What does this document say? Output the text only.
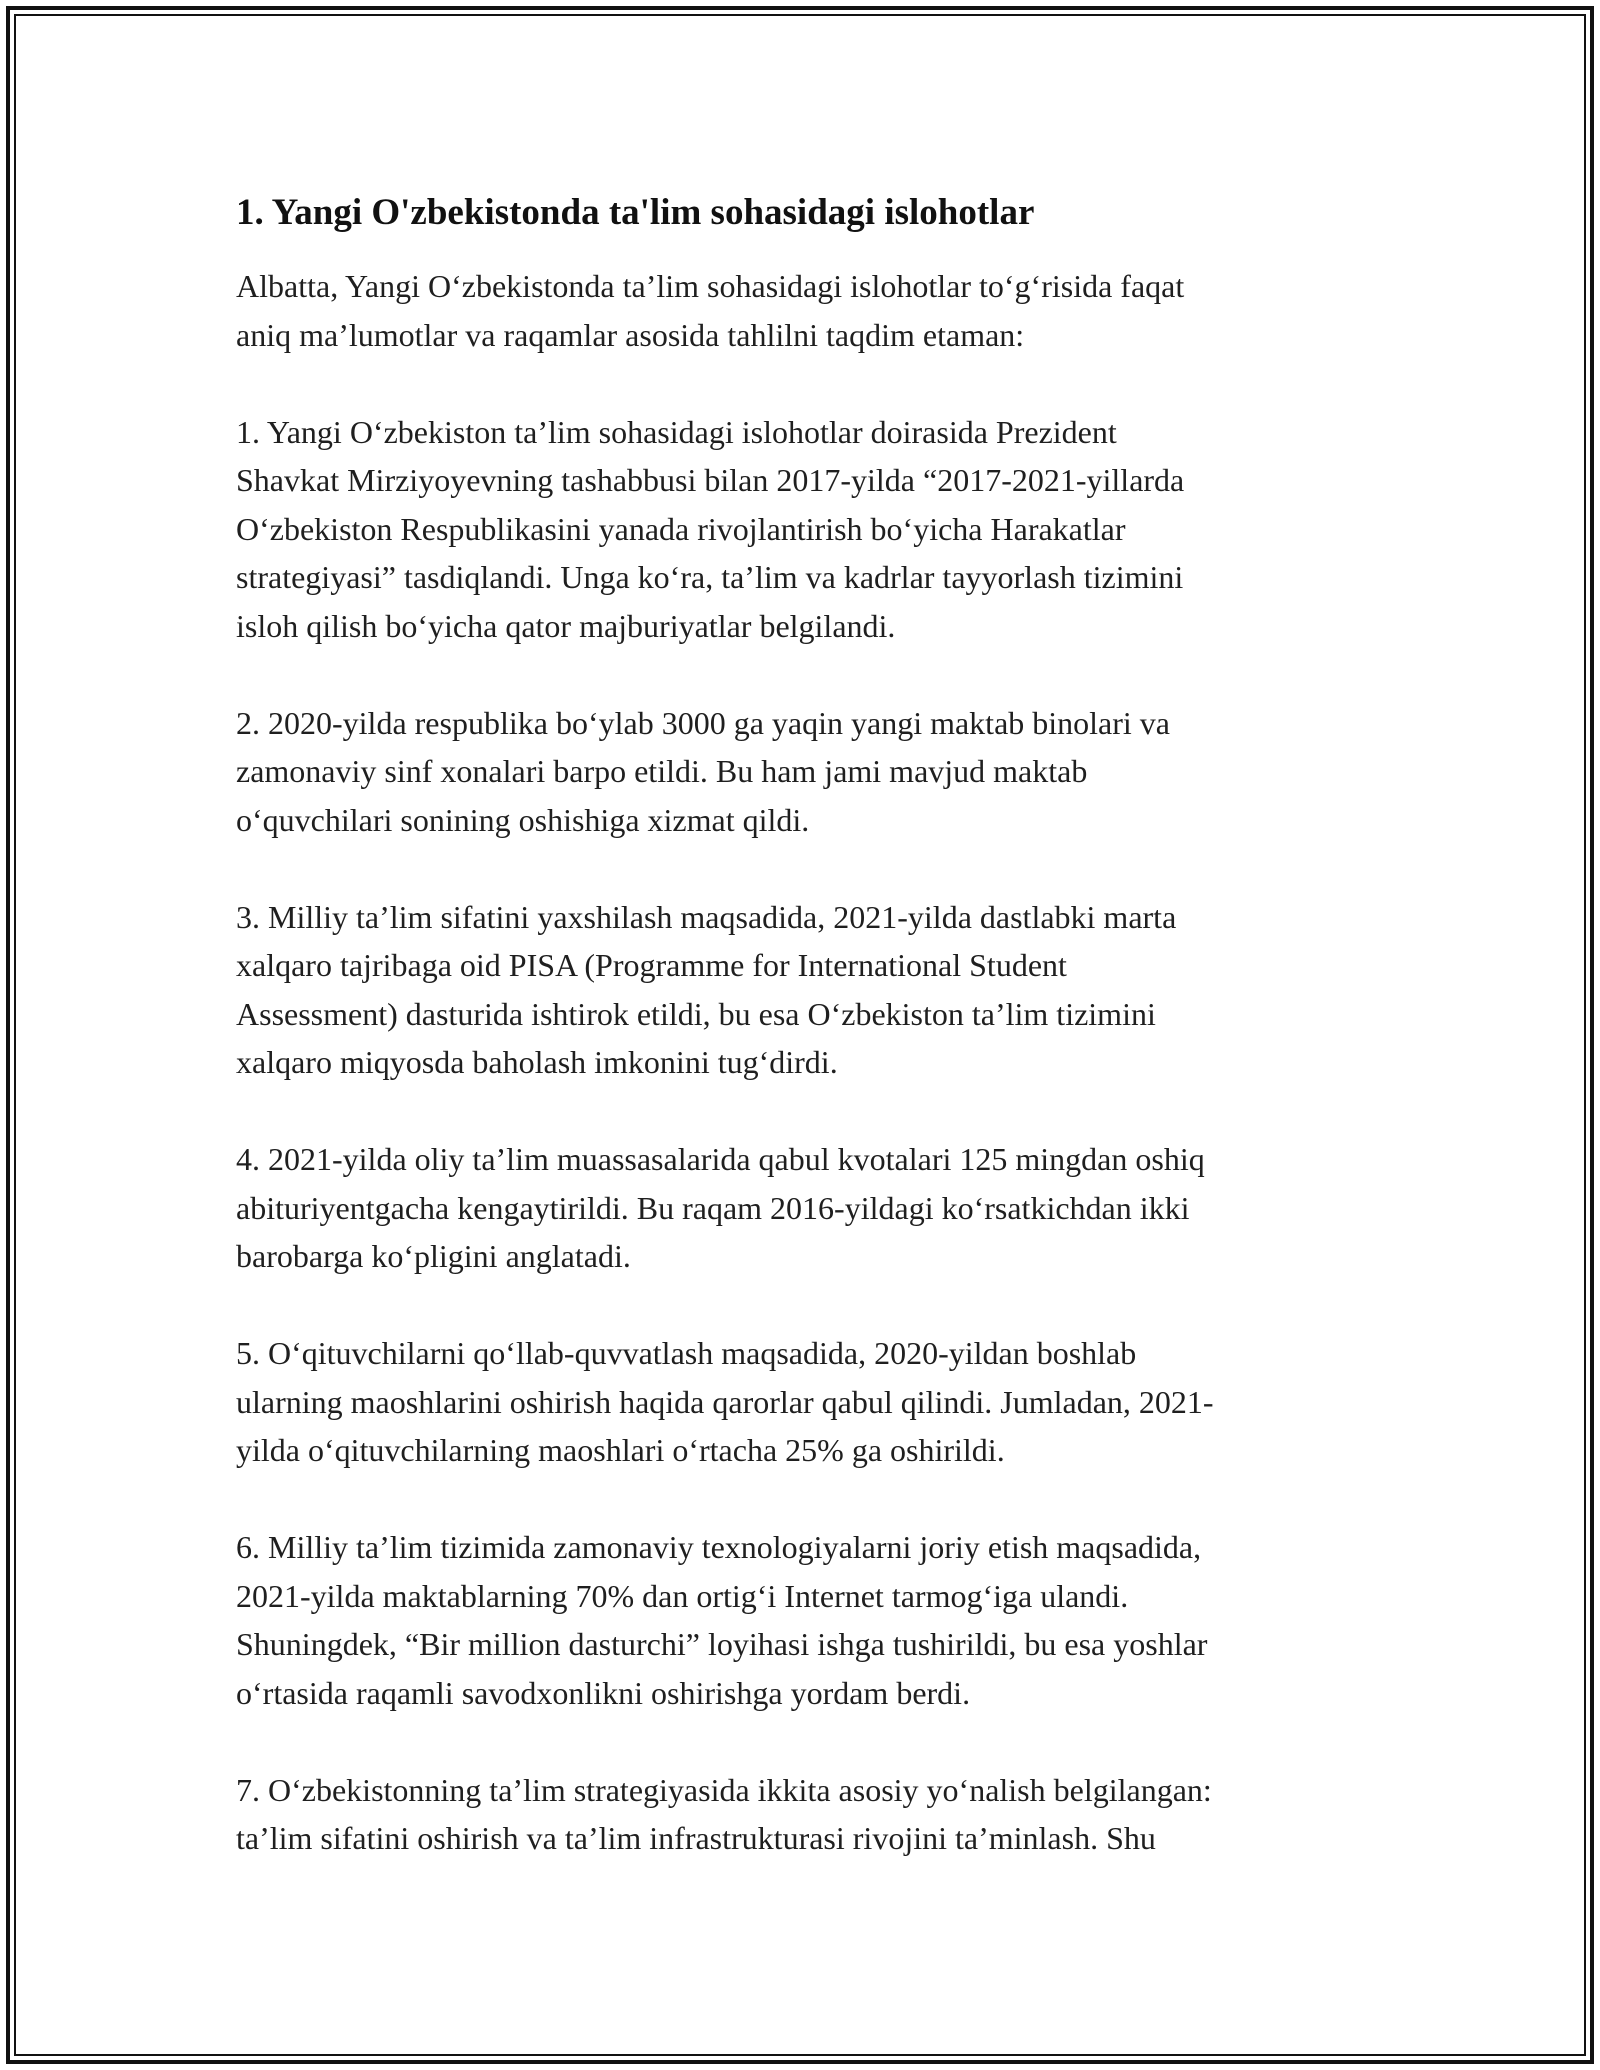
1. Yangi O'zbekistonda ta'lim sohasidagi islohotlar

Albatta, Yangi O‘zbekistonda ta’lim sohasidagi islohotlar to‘g‘risida faqat
aniq ma’lumotlar va raqamlar asosida tahlilni taqdim etaman:

1. Yangi O‘zbekiston ta’lim sohasidagi islohotlar doirasida Prezident
Shavkat Mirziyoyevning tashabbusi bilan 2017-yilda “2017-2021-yillarda
O‘zbekiston Respublikasini yanada rivojlantirish bo‘yicha Harakatlar
strategiyasi” tasdiqlandi. Unga ko‘ra, ta’lim va kadrlar tayyorlash tizimini
isloh qilish bo‘yicha qator majburiyatlar belgilandi.

2. 2020-yilda respublika bo‘ylab 3000 ga yaqin yangi maktab binolari va
zamonaviy sinf xonalari barpo etildi. Bu ham jami mavjud maktab
o‘quvchilari sonining oshishiga xizmat qildi.

3. Milliy ta’lim sifatini yaxshilash maqsadida, 2021-yilda dastlabki marta
xalqaro tajribaga oid PISA (Programme for International Student
Assessment) dasturida ishtirok etildi, bu esa O‘zbekiston ta’lim tizimini
xalqaro miqyosda baholash imkonini tug‘dirdi.

4. 2021-yilda oliy ta’lim muassasalarida qabul kvotalari 125 mingdan oshiq
abituriyentgacha kengaytirildi. Bu raqam 2016-yildagi ko‘rsatkichdan ikki
barobarga ko‘pligini anglatadi.

5. O‘qituvchilarni qo‘llab-quvvatlash maqsadida, 2020-yildan boshlab
ularning maoshlarini oshirish haqida qarorlar qabul qilindi. Jumladan, 2021-
yilda o‘qituvchilarning maoshlari o‘rtacha 25% ga oshirildi.

6. Milliy ta’lim tizimida zamonaviy texnologiyalarni joriy etish maqsadida,
2021-yilda maktablarning 70% dan ortig‘i Internet tarmog‘iga ulandi.
Shuningdek, “Bir million dasturchi” loyihasi ishga tushirildi, bu esa yoshlar
o‘rtasida raqamli savodxonlikni oshirishga yordam berdi.

7. O‘zbekistonning ta’lim strategiyasida ikkita asosiy yo‘nalish belgilangan:
ta’lim sifatini oshirish va ta’lim infrastrukturasi rivojini ta’minlash. Shu
